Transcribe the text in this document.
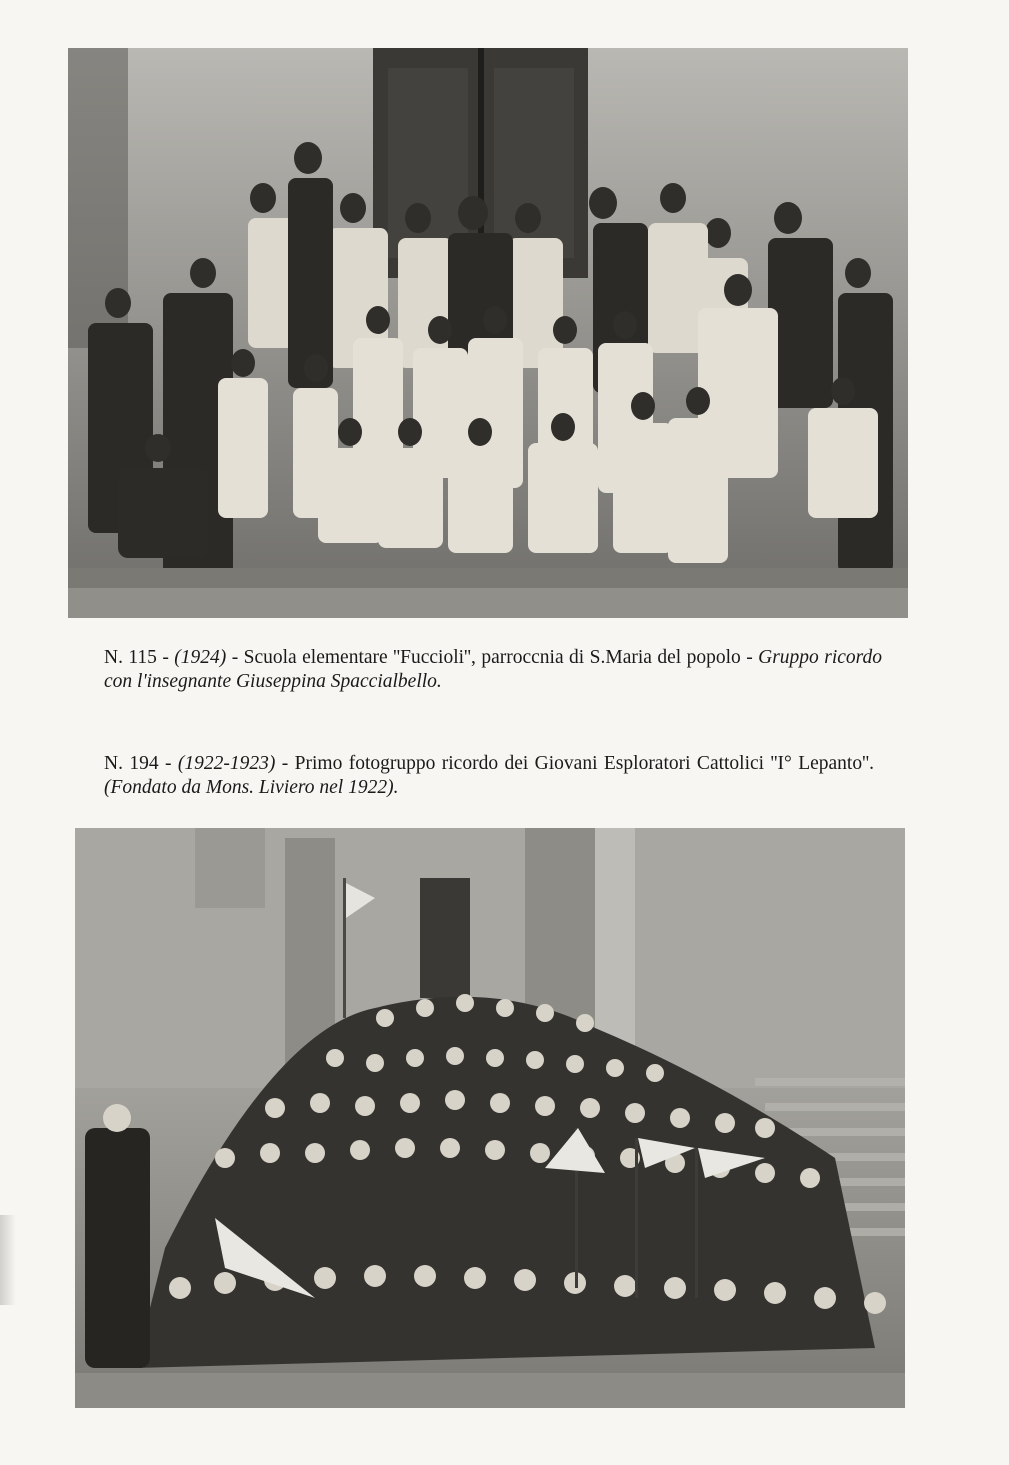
N. 115 - (1924) - Scuola elementare ''Fuccioli'', parroccnia di S.Maria del popolo - Gruppo ricordo con l'insegnante Giuseppina Spaccialbello.
N. 194 - (1922-1923) - Primo fotogruppo ricordo dei Giovani Esploratori Cattolici ''I° Lepanto''. (Fondato da Mons. Liviero nel 1922).
